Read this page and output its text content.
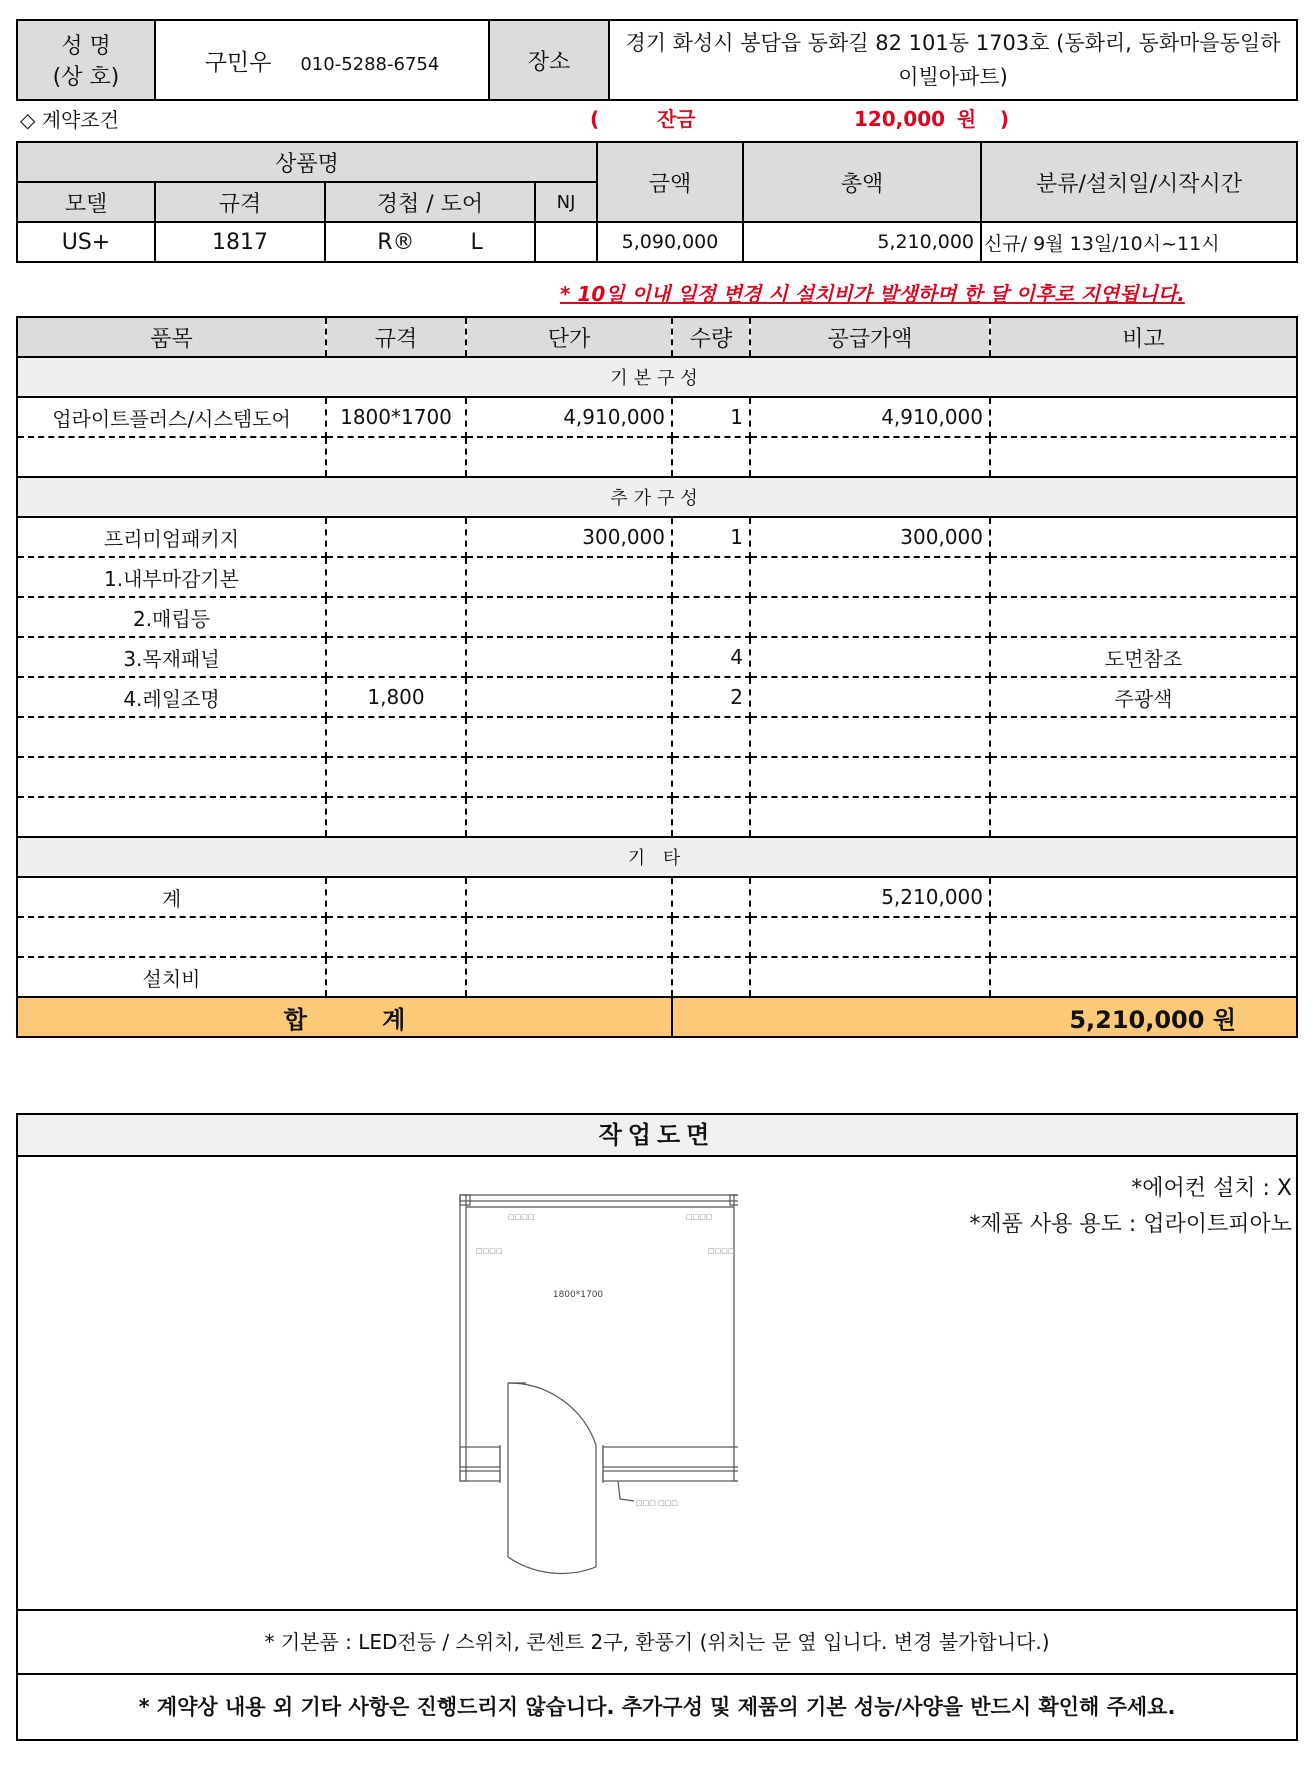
성 명
(상 호)
	구민우 010-5288-6754	장소	경기 화성시 봉담읍 동화길 82 101동 1703호 (동화리, 동화마을동일하이빌아파트)
◇ 계약조건	(	잔금	120,000 원 )
상품명				금액	총액	분류/설치일/시작시간
모델	규격	경첩 / 도어	NJ			
US+	1817	R®        L		5,090,000	5,210,000	신규/ 9월 13일/10시~11시
* 10일 이내 일정 변경 시 설치비가 발생하며 한 달 이후로 지연됩니다.
품목	규격	단가	수량	공급가액	비고
기본구성					
업라이트플러스/시스템도어	1800*1700	4,910,000	1	4,910,000	

추가구성					
프리미엄패키지		300,000	1	300,000	
1.내부마감기본					
2.매립등					
3.목재패널			4		도면참조
4.레일조명	1,800		2		주광색

기 타					
계				5,210,000	

설치비					
합         계			5,210,000 원		
작업도면
*에어컨 설치 : X
*제품 사용 용도 : 업라이트피아노
□□□□	□□□□
□□□□	□□□□
□□□ □□□
1800*1700
* 기본품 : LED전등 / 스위치, 콘센트 2구, 환풍기 (위치는 문 옆 입니다. 변경 불가합니다.)
* 계약상 내용 외 기타 사항은 진행드리지 않습니다. 추가구성 및 제품의 기본 성능/사양을 반드시 확인해 주세요.
